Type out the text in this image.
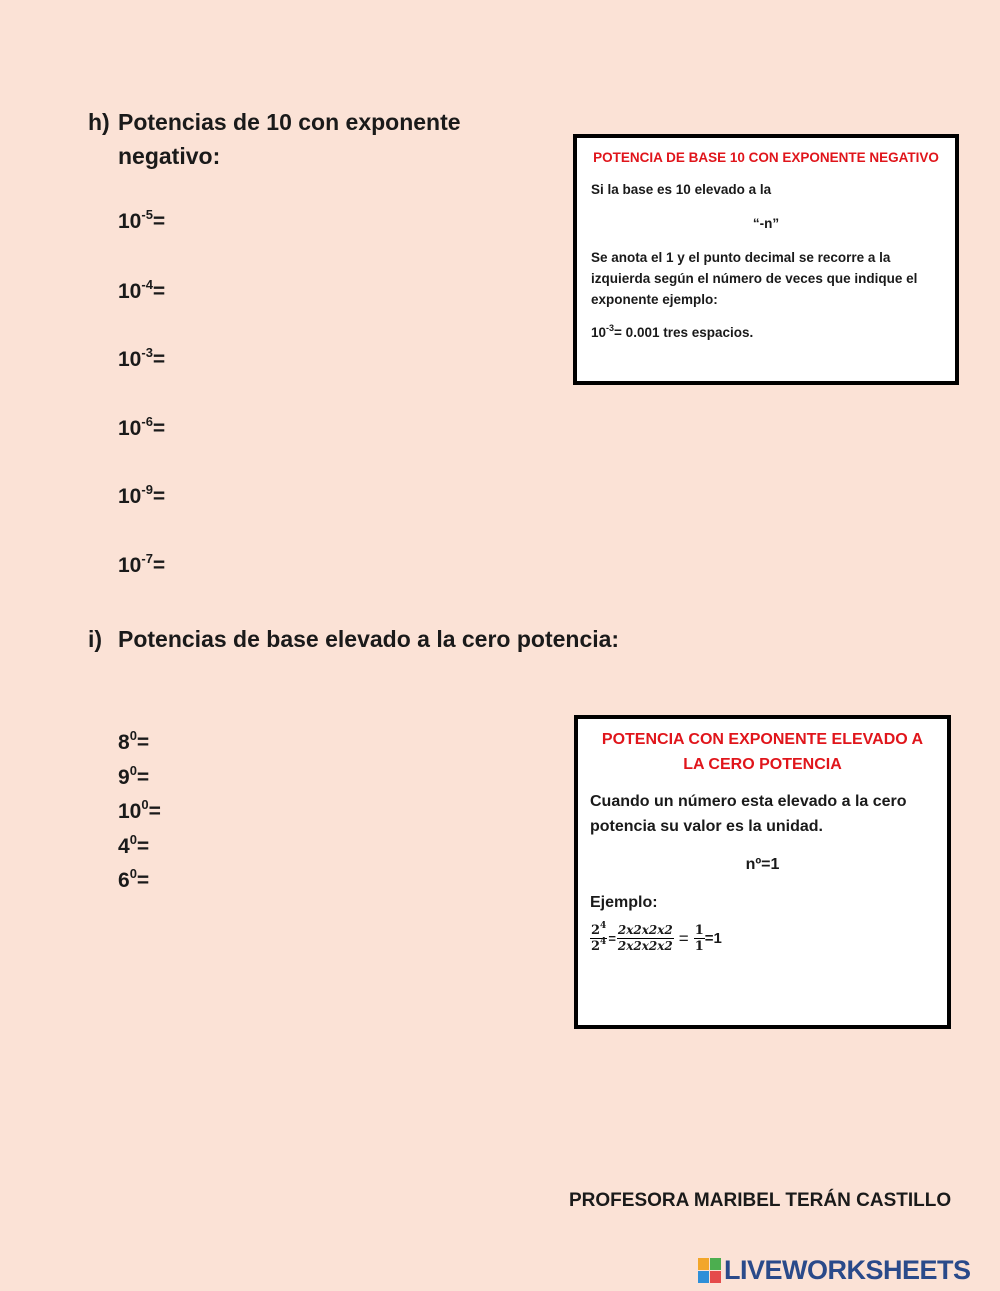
h) Potencias de 10 con exponente
negativo:
$10^{-5}=$
$10^{-4}=$
$10^{-3}=$
$10^{-6}=$
$10^{-9}=$
$10^{-7}=$
POTENCIA DE BASE 10 CON EXPONENTE NEGATIVO
Si la base es 10 elevado a la
“-n”
Se anota el 1 y el punto decimal se recorre a la izquierda según el número de veces que indique el exponente ejemplo:
$10^{-3}= 0.001$ tres espacios.
i) Potencias de base elevado a la cero potencia:
$8^0=$
$9^0=$
$10^0=$
$4^0=$
$6^0=$
POTENCIA CON EXPONENTE ELEVADO A LA CERO POTENCIA
Cuando un número esta elevado a la cero potencia su valor es la unidad.
nº=1
Ejemplo:
$\frac{2^4}{2^4} = \frac{2x2x2x2}{2x2x2x2} = \frac{1}{1} =1$
PROFESORA MARIBEL TERÁN CASTILLO
LIVEWORKSHEETS
